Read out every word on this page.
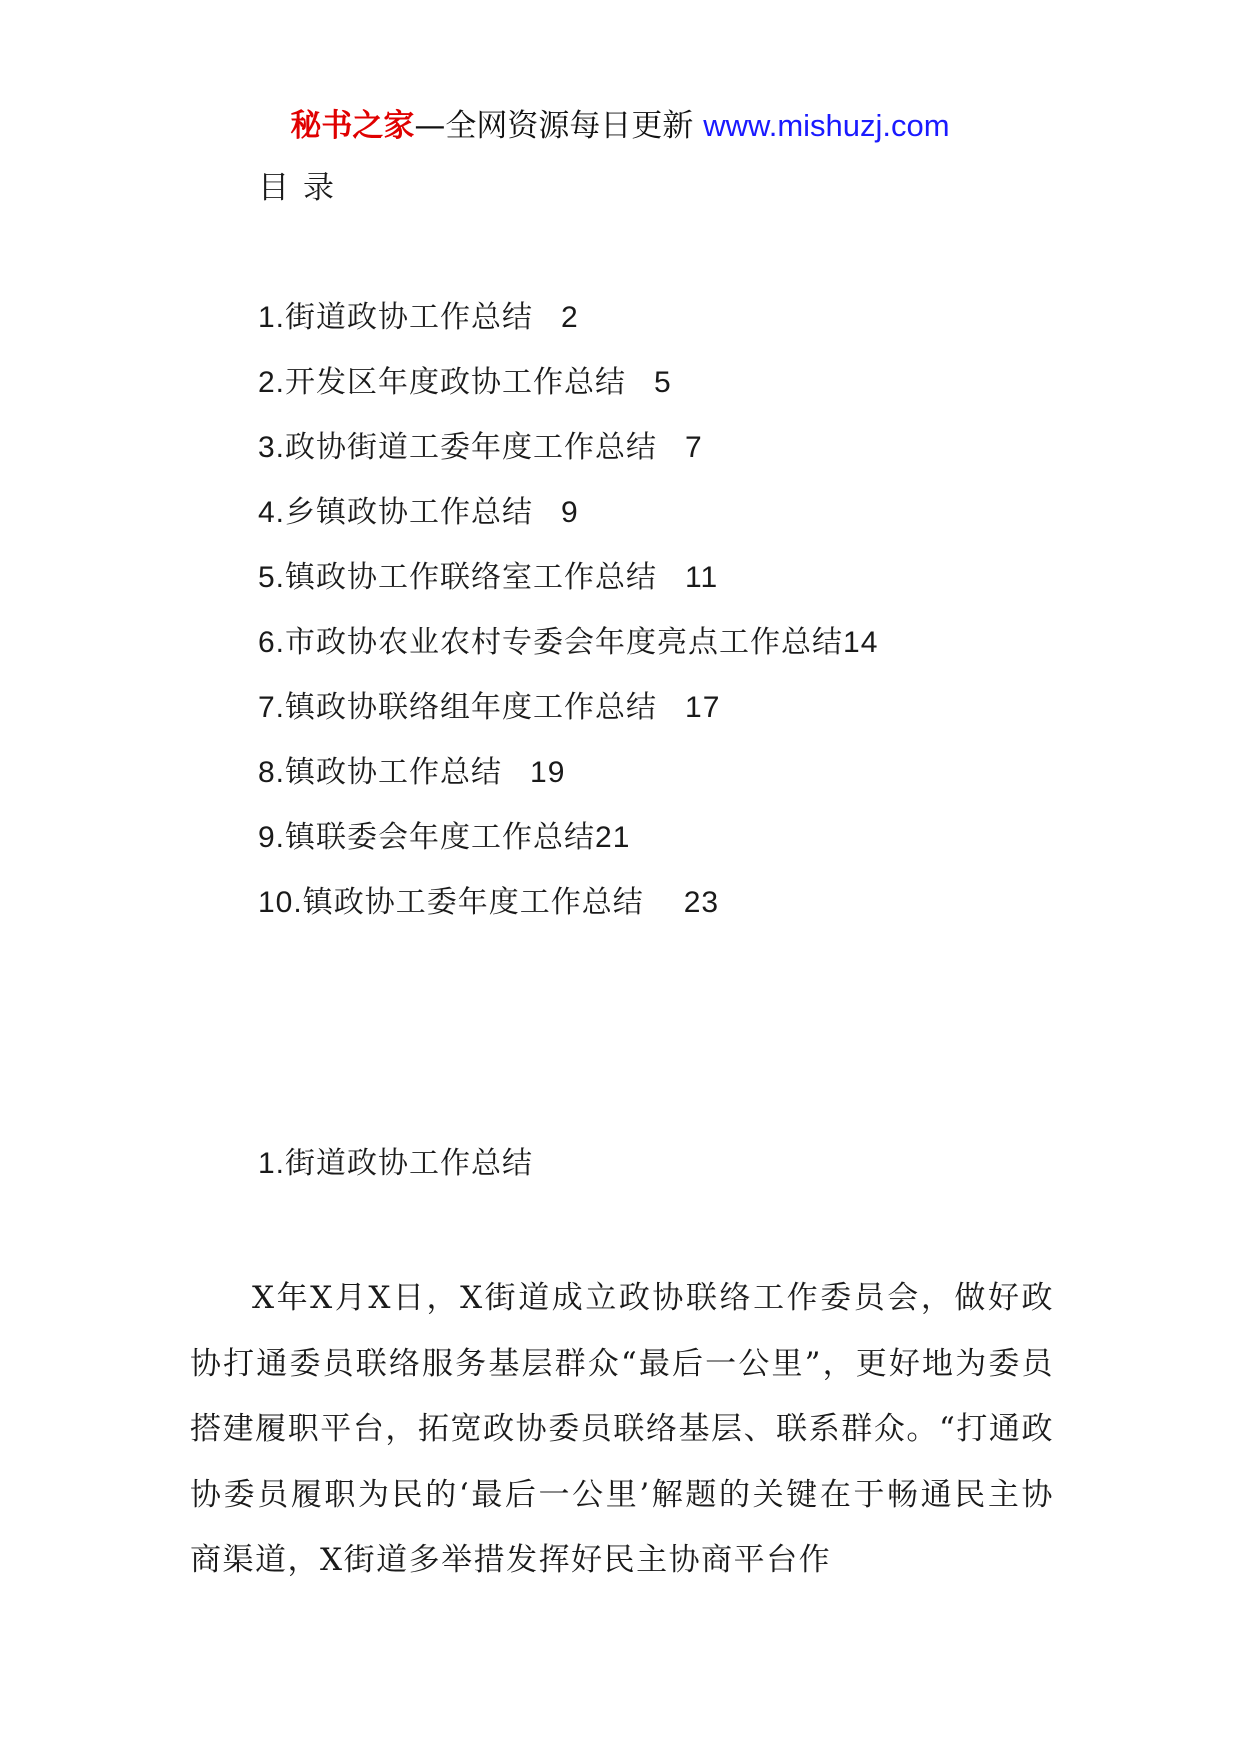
秘书之家—全网资源每日更新 www.mishuzj.com
目录
1.街道政协工作总结 2
2.开发区年度政协工作总结 5
3.政协街道工委年度工作总结 7
4.乡镇政协工作总结 9
5.镇政协工作联络室工作总结 11
6.市政协农业农村专委会年度亮点工作总结14
7.镇政协联络组年度工作总结 17
8.镇政协工作总结 19
9.镇联委会年度工作总结21
10.镇政协工委年度工作总结 23
1.街道政协工作总结

X年X月X日，X街道成立政协联络工作委员会，做好政协打通委员联络服务基层群众“最后一公里”，更好地为委员搭建履职平台，拓宽政协委员联络基层、联系群众。“打通政协委员履职为民的‘最后一公里’解题的关键在于畅通民主协商渠道，X街道多举措发挥好民主协商平台作
